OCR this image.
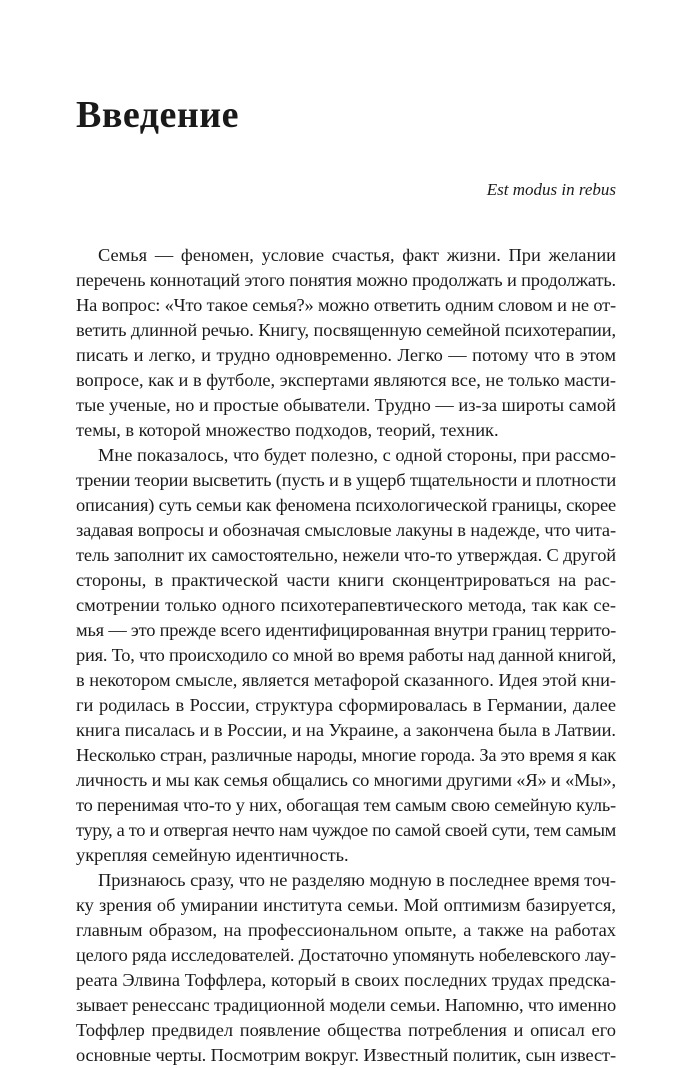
Введение

Est modus in rebus

Семья — феномен, условие счастья, факт жизни. При желании
перечень коннотаций этого понятия можно продолжать и продолжать.
На вопрос: «Что такое семья?» можно ответить одним словом и не от-
ветить длинной речью. Книгу, посвященную семейной психотерапии,
писать и легко, и трудно одновременно. Легко — потому что в этом
вопросе, как и в футболе, экспертами являются все, не только масти-
тые ученые, но и простые обыватели. Трудно — из-за широты самой
темы, в которой множество подходов, теорий, техник.

Мне показалось, что будет полезно, с одной стороны, при рассмо-
трении теории высветить (пусть и в ущерб тщательности и плотности
описания) суть семьи как феномена психологической границы, скорее
задавая вопросы и обозначая смысловые лакуны в надежде, что чита-
тель заполнит их самостоятельно, нежели что-то утверждая. С другой
стороны, в практической части книги сконцентрироваться на рас-
смотрении только одного психотерапевтического метода, так как се-
мья — это прежде всего идентифицированная внутри границ террито-
рия. То, что происходило со мной во время работы над данной книгой,
в некотором смысле, является метафорой сказанного. Идея этой кни-
ги родилась в России, структура сформировалась в Германии, далее
книга писалась и в России, и на Украине, а закончена была в Латвии.
Несколько стран, различные народы, многие города. За это время я как
личность и мы как семья общались со многими другими «Я» и «Мы»,
то перенимая что-то у них, обогащая тем самым свою семейную куль-
туру, а то и отвергая нечто нам чуждое по самой своей сути, тем самым
укрепляя семейную идентичность.

Признаюсь сразу, что не разделяю модную в последнее время точ-
ку зрения об умирании института семьи. Мой оптимизм базируется,
главным образом, на профессиональном опыте, а также на работах
целого ряда исследователей. Достаточно упомянуть нобелевского лау-
реата Элвина Тоффлера, который в своих последних трудах предска-
зывает ренессанс традиционной модели семьи. Напомню, что именно
Тоффлер предвидел появление общества потребления и описал его
основные черты. Посмотрим вокруг. Известный политик, сын извест-
